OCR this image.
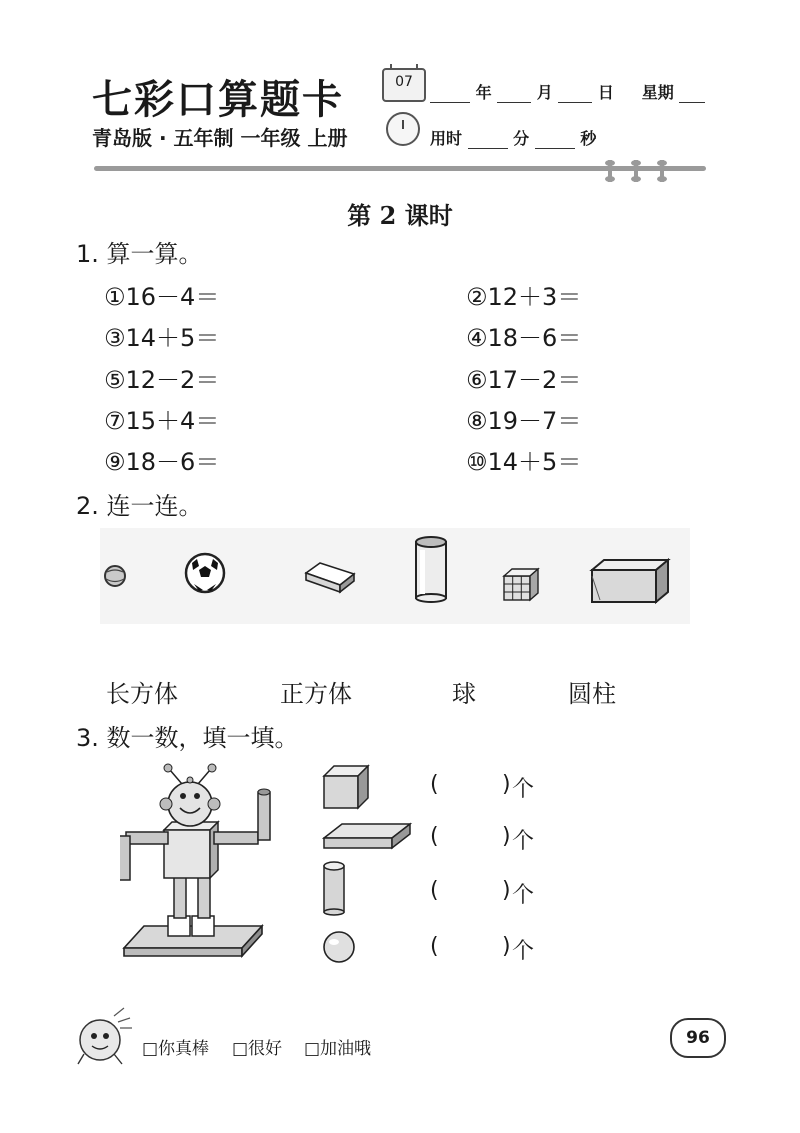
七彩口算题卡
青岛版 · 五年制 一年级 上册
07
年	月	日 星期
用时	分	秒
第 2 课时
1. 算一算。
①16－4＝	②12＋3＝
③14＋5＝	④18－6＝
⑤12－2＝	⑥17－2＝
⑦15＋4＝	⑧19－7＝
⑨18－6＝	⑩14＋5＝
2. 连一连。
长方体	正方体	球	圆柱
3. 数一数，填一填。
(	) 个
(	) 个
(	) 个
(	) 个
□你真棒 □很好 □加油哦
96
